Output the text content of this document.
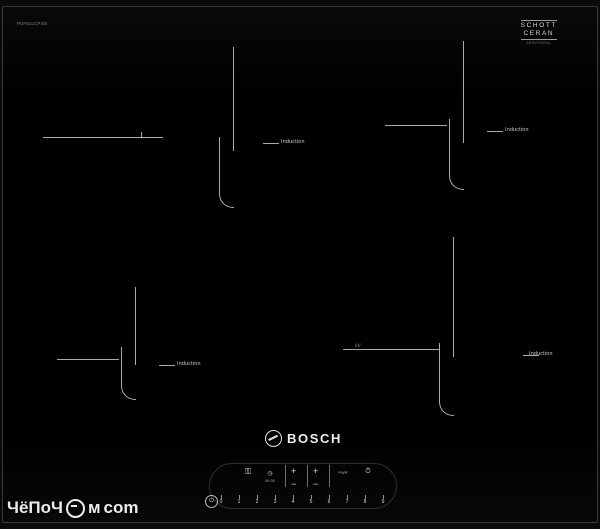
PUF61LCP/06	SCHOTT
CERAN
SERVOGRAL
Induction
Induction
Induction
\/\/
Induction
BOSCH
⚿	◷
00:00
+
−
+
−
PWR	⏱
⏻	0	1	2	3	4	5	6	7	8	9
ЧёПоЧ м com
